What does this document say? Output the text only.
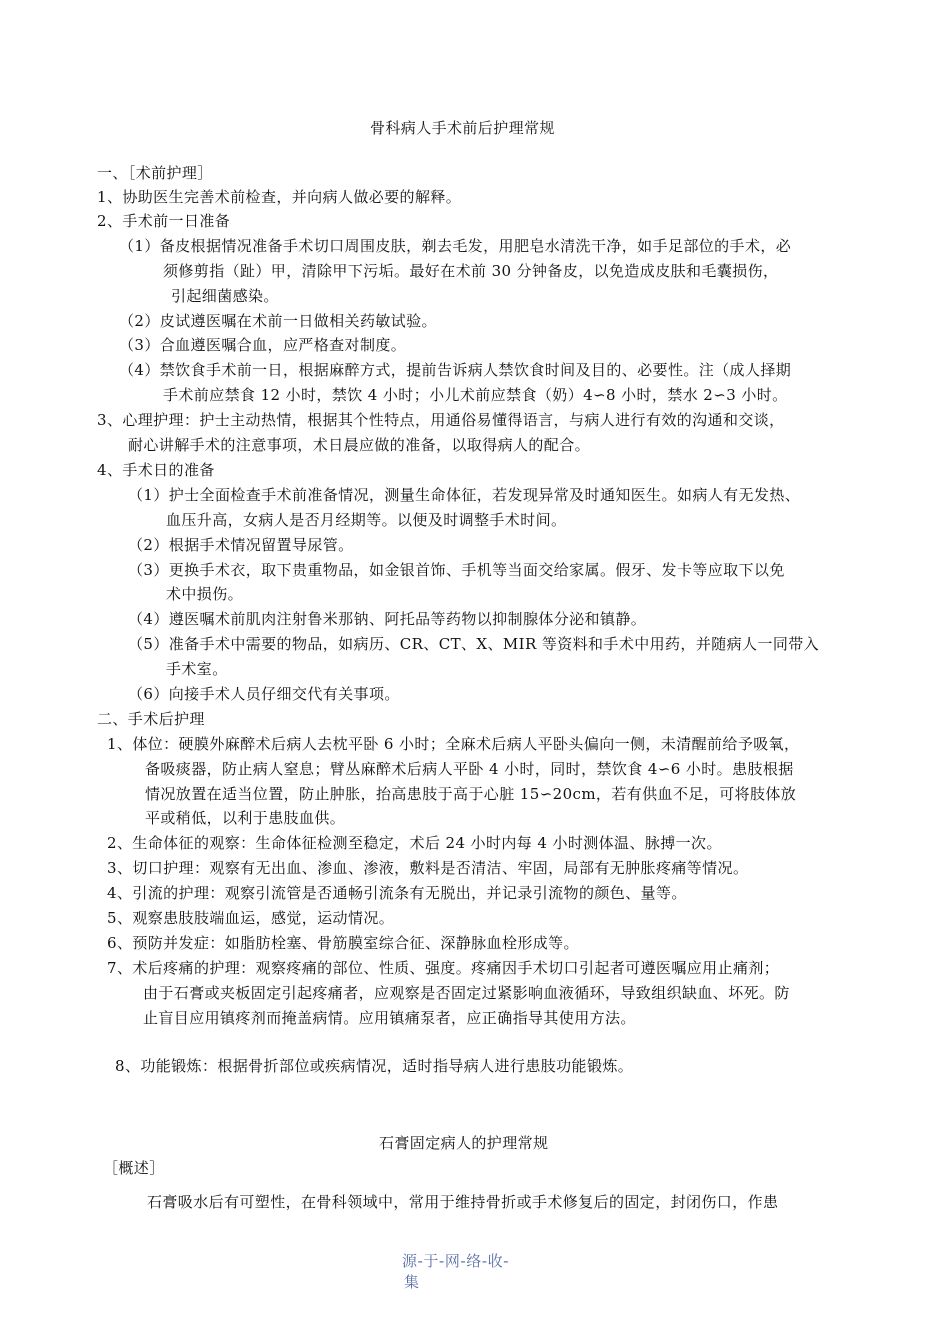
骨科病人手术前后护理常规
一、［术前护理］
1、协助医生完善术前检查，并向病人做必要的解释。
2、手术前一日准备
（1）备皮根据情况准备手术切口周围皮肤，剃去毛发，用肥皂水清洗干净，如手足部位的手术，必
须修剪指（趾）甲，清除甲下污垢。最好在术前 30 分钟备皮，以免造成皮肤和毛囊损伤，
引起细菌感染。
（2）皮试遵医嘱在术前一日做相关药敏试验。
（3）合血遵医嘱合血，应严格查对制度。
（4）禁饮食手术前一日，根据麻醉方式，提前告诉病人禁饮食时间及目的、必要性。注（成人择期
手术前应禁食 12 小时，禁饮 4 小时；小儿术前应禁食（奶）4∽8 小时，禁水 2∽3 小时。
3、心理护理：护士主动热情，根据其个性特点，用通俗易懂得语言，与病人进行有效的沟通和交谈，
耐心讲解手术的注意事项，术日晨应做的准备，以取得病人的配合。
4、手术日的准备
（1）护士全面检查手术前准备情况，测量生命体征，若发现异常及时通知医生。如病人有无发热、
血压升高，女病人是否月经期等。以便及时调整手术时间。
（2）根据手术情况留置导尿管。
（3）更换手术衣，取下贵重物品，如金银首饰、手机等当面交给家属。假牙、发卡等应取下以免
术中损伤。
（4）遵医嘱术前肌肉注射鲁米那钠、阿托品等药物以抑制腺体分泌和镇静。
（5）准备手术中需要的物品，如病历、CR、CT、X、MIR 等资料和手术中用药，并随病人一同带入
手术室。
（6）向接手术人员仔细交代有关事项。
二、手术后护理
1、体位：硬膜外麻醉术后病人去枕平卧 6 小时；全麻术后病人平卧头偏向一侧，未清醒前给予吸氧，
备吸痰器，防止病人窒息；臂丛麻醉术后病人平卧 4 小时，同时，禁饮食 4∽6 小时。患肢根据
情况放置在适当位置，防止肿胀，抬高患肢于高于心脏 15∽20cm，若有供血不足，可将肢体放
平或稍低，以利于患肢血供。
2、生命体征的观察：生命体征检测至稳定，术后 24 小时内每 4 小时测体温、脉搏一次。
3、切口护理：观察有无出血、渗血、渗液，敷料是否清洁、牢固，局部有无肿胀疼痛等情况。
4、引流的护理：观察引流管是否通畅引流条有无脱出，并记录引流物的颜色、量等。
5、观察患肢肢端血运，感觉，运动情况。
6、预防并发症：如脂肪栓塞、骨筋膜室综合征、深静脉血栓形成等。
7、术后疼痛的护理：观察疼痛的部位、性质、强度。疼痛因手术切口引起者可遵医嘱应用止痛剂；
由于石膏或夹板固定引起疼痛者，应观察是否固定过紧影响血液循环，导致组织缺血、坏死。防
止盲目应用镇疼剂而掩盖病情。应用镇痛泵者，应正确指导其使用方法。
8、功能锻炼：根据骨折部位或疾病情况，适时指导病人进行患肢功能锻炼。
石膏固定病人的护理常规
［概述］
石膏吸水后有可塑性，在骨科领域中，常用于维持骨折或手术修复后的固定，封闭伤口，作患
源-于-网-络-收-
集
